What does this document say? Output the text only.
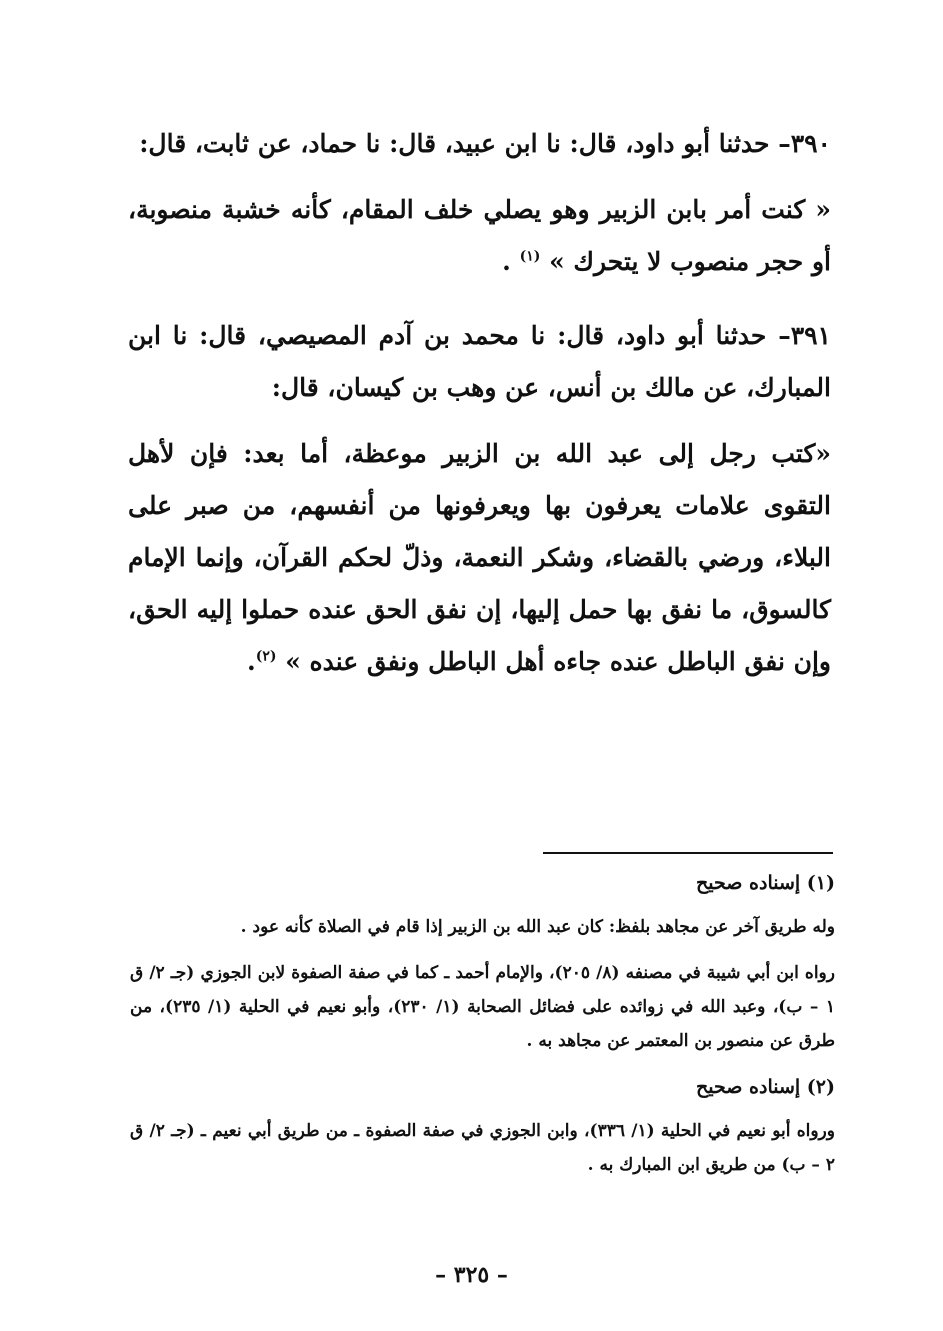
٣٩٠– حدثنا أبو داود، قال: نا ابن عبيد، قال: نا حماد، عن ثابت، قال:

« كنت أمر بابن الزبير وهو يصلي خلف المقام، كأنه خشبة منصوبة، أو حجر منصوب لا يتحرك » $^{(١)}$ .

٣٩١– حدثنا أبو داود، قال: نا محمد بن آدم المصيصي، قال: نا ابن المبارك، عن مالك بن أنس، عن وهب بن كيسان، قال:

«كتب رجل إلى عبد الله بن الزبير موعظة، أما بعد: فإن لأهل التقوى علامات يعرفون بها ويعرفونها من أنفسهم، من صبر على البلاء، ورضي بالقضاء، وشكر النعمة، وذلّ لحكم القرآن، وإنما الإمام كالسوق، ما نفق بها حمل إليها، إن نفق الحق عنده حملوا إليه الحق، وإن نفق الباطل عنده جاءه أهل الباطل ونفق عنده » $^{(٢)}$.

(١) إسناده صحيح

وله طريق آخر عن مجاهد بلفظ: كان عبد الله بن الزبير إذا قام في الصلاة كأنه عود .

رواه ابن أبي شيبة في مصنفه (٨/ ٢٠٥)، والإمام أحمد ـ كما في صفة الصفوة لابن الجوزي (جـ ٢/ ق ١ – ب)، وعبد الله في زوائده على فضائل الصحابة (١/ ٢٣٠)، وأبو نعيم في الحلية (١/ ٢٣٥)، من طرق عن منصور بن المعتمر عن مجاهد به .

(٢) إسناده صحيح

ورواه أبو نعيم في الحلية (١/ ٣٣٦)، وابن الجوزي في صفة الصفوة ـ من طريق أبي نعيم ـ (جـ ٢/ ق ٢ – ب) من طريق ابن المبارك به .

– ٣٢٥ –
